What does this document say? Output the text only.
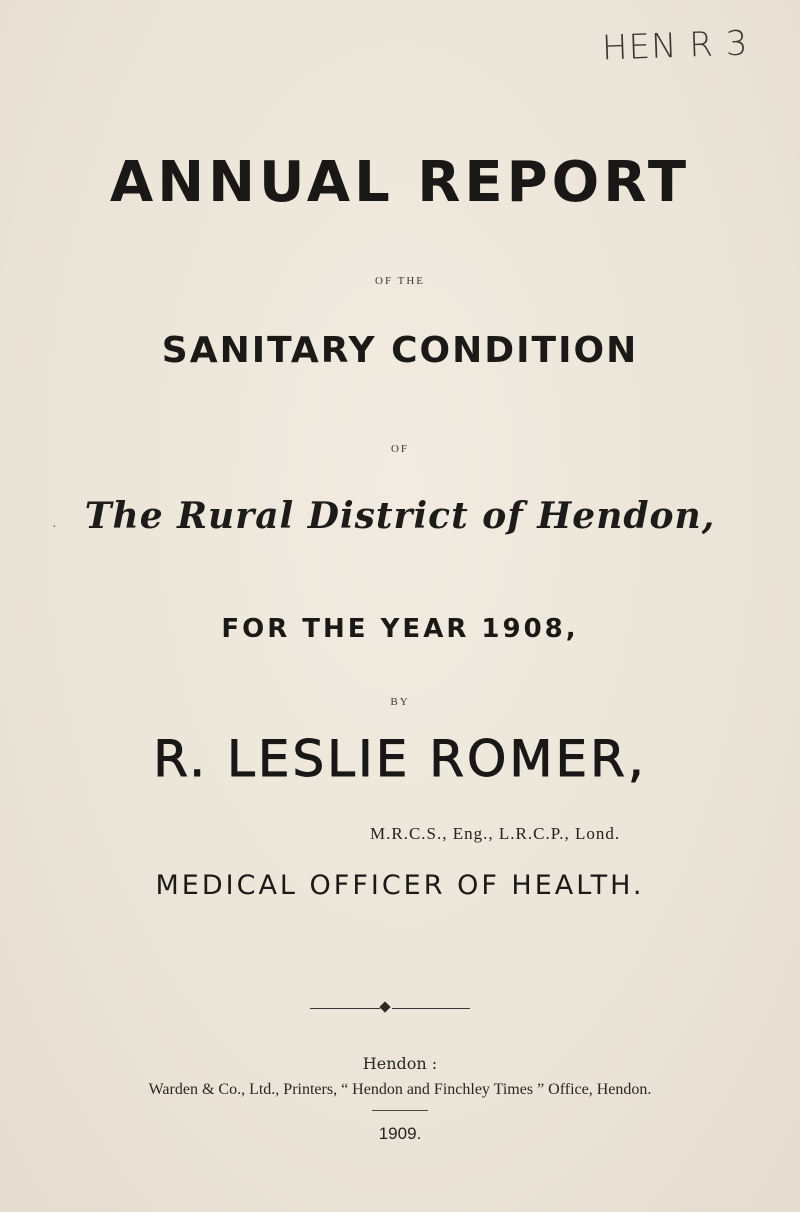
HEN R 3
ANNUAL REPORT
OF THE
SANITARY CONDITION
OF
․ The Rural District of Hendon,
FOR THE YEAR 1908,
BY
R. LESLIE ROMER,
M.R.C.S., Eng., L.R.C.P., Lond.
MEDICAL OFFICER OF HEALTH.
Hendon :
Warden & Co., Ltd., Printers, “ Hendon and Finchley Times ” Office, Hendon.
1909.
